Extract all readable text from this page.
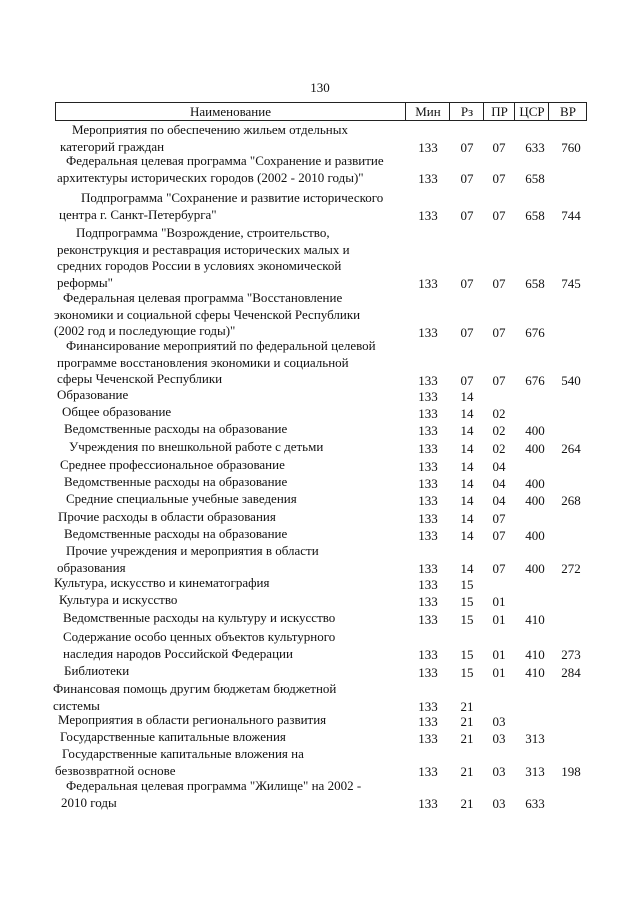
130
Наименование	Мин	Рз	ПР ЦСР	ВР
Мероприятия по обеспечению жильем отдельных
категорий граждан	133	07	07	633	760
Федеральная целевая программа "Сохранение и развитие
архитектуры исторических городов (2002 - 2010 годы)"	133	07	07	658
Подпрограмма "Сохранение и развитие исторического
центра г. Санкт-Петербурга"	133	07	07	658	744
Подпрограмма "Возрождение, строительство,
реконструкция и реставрация исторических малых и
средних городов России в условиях экономической
реформы"	133	07	07	658	745
Федеральная целевая программа "Восстановление
экономики и социальной сферы Чеченской Республики
(2002 год и последующие годы)"	133	07	07	676
Финансирование мероприятий по федеральной целевой
программе восстановления экономики и социальной
сферы Чеченской Республики	133	07	07	676	540
Образование	133	14
Общее образование	133	14	02
Ведомственные расходы на образование	133	14	02	400
Учреждения по внешкольной работе с детьми	133	14	02	400	264
Среднее профессиональное образование	133	14	04
Ведомственные расходы на образование	133	14	04	400
Средние специальные учебные заведения	133	14	04	400	268
Прочие расходы в области образования	133	14	07
Ведомственные расходы на образование	133	14	07	400
Прочие учреждения и мероприятия в области
образования	133	14	07	400	272
Культура, искусство и кинематография	133	15
Культура и искусство	133	15	01
Ведомственные расходы на культуру и искусство	133	15	01	410
Содержание особо ценных объектов культурного
наследия народов Российской Федерации	133	15	01	410	273
Библиотеки	133	15	01	410	284
Финансовая помощь другим бюджетам бюджетной
системы	133	21
Мероприятия в области регионального развития	133	21	03
Государственные капитальные вложения	133	21	03	313
Государственные капитальные вложения на
безвозвратной основе	133	21	03	313	198
Федеральная целевая программа "Жилище" на 2002 -
2010 годы	133	21	03	633
